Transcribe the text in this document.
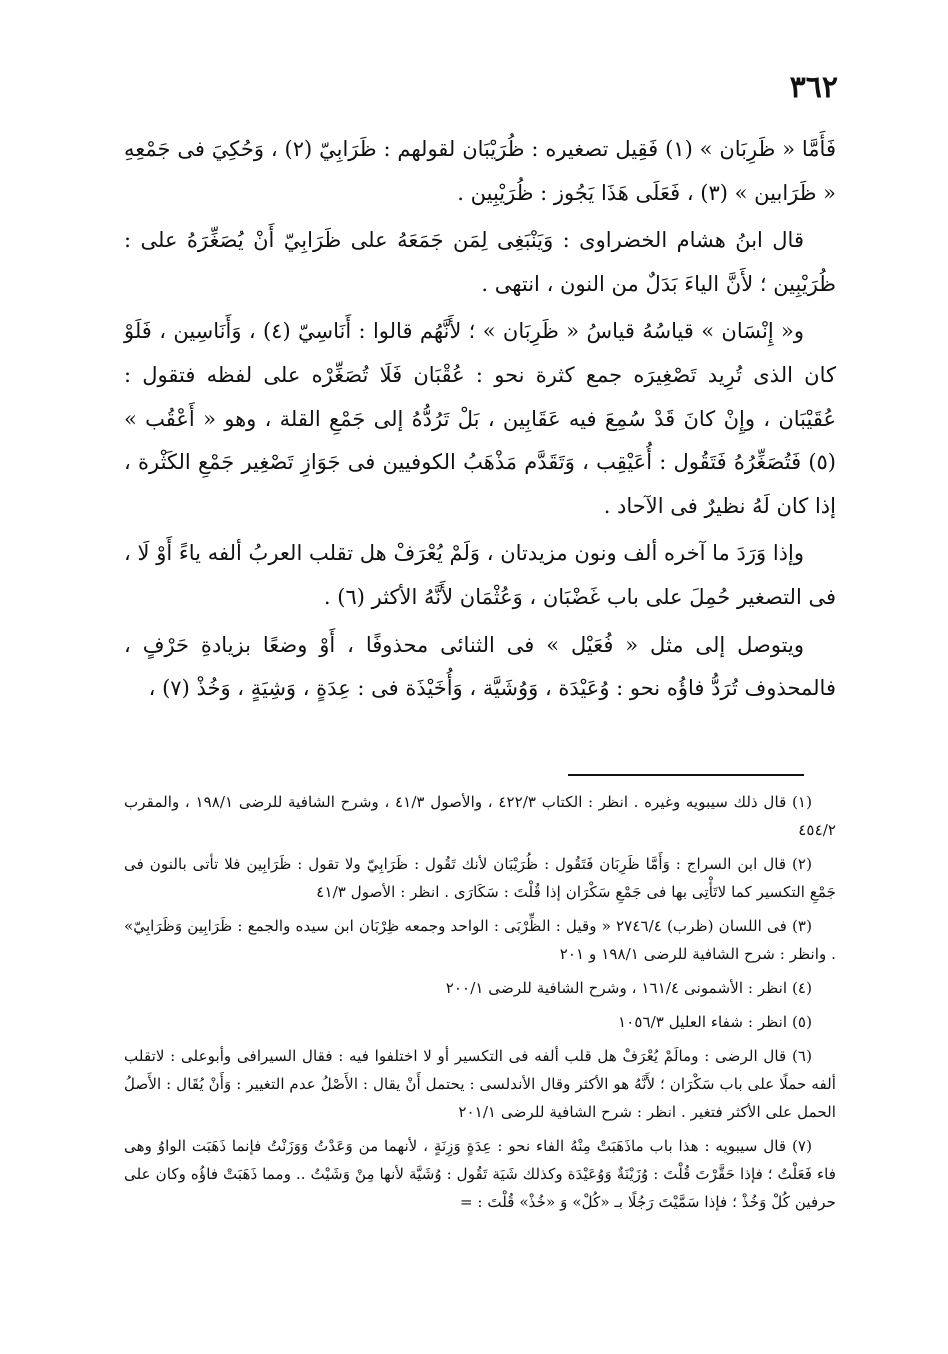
٣٦٢

فَأَمَّا « ظَرِبَان » (١) فَقِيل تصغيره : ظُرَيْبَان لقولهم : ظَرَابِيّ (٢) ، وَحُكِيَ فى جَمْعِهِ « ظَرَابين » (٣) ، فَعَلَى هَذَا يَجُوز : ظُرَيْبِين .

قال ابنُ هشام الخضراوى : وَيَنْبَغِى لِمَن جَمَعَهُ على ظَرَابِيّ أَنْ يُصَغِّرَهُ على : ظُرَيْبِين ؛ لأَنَّ الياءَ بَدَلٌ من النون ، انتهى .

و« إِنْسَان » قياسُهُ قياسُ « ظَرِبَان » ؛ لأَنَّهُم قالوا : أَنَاسِيّ (٤) ، وَأَنَاسِين ، فَلَوْ كان الذى تُرِيد تَصْغِيرَه جمع كثرة نحو : عُقْبَان فَلَا تُصَغِّرْه على لفظه فتقول : عُقَيْبَان ، وإِنْ كانَ قَدْ سُمِعَ فيه عَقَابِين ، بَلْ تَرُدُّهُ إلى جَمْعِ القلة ، وهو « أَعْقُب » (٥) فَتُصَغِّرُهُ فَتَقُول : أُعَيْقِب ، وَتَقَدَّم مَذْهَبُ الكوفيين فى جَوَازِ تَصْغِير جَمْعِ الكَثْرة ، إذا كان لَهُ نظيرٌ فى الآحاد .

وإذا وَرَدَ ما آخره ألف ونون مزيدتان ، وَلَمْ يُعْرَفْ هل تقلب العربُ ألفه ياءً أَوْ لَا ، فى التصغير حُمِلَ على باب غَضْبَان ، وَعُثْمَان لأَنَّهُ الأكثر (٦) .

ويتوصل إلى مثل « فُعَيْل » فى الثنائى محذوفًا ، أَوْ وضعًا بزيادةِ حَرْفٍ ، فالمحذوف تُرَدُّ فاؤُه نحو : وُعَيْدَة ، وَوُشَيَّة ، وَأُخَيْذَة فى : عِدَةٍ ، وَشِيَةٍ ، وَخُذْ (٧) ،

(١) قال ذلك سيبويه وغيره . انظر : الكتاب ٤٢٢/٣ ، والأصول ٤١/٣ ، وشرح الشافية للرضى ١٩٨/١ ، والمقرب ٤٥٤/٢

(٢) قال ابن السراج : وَأَمَّا ظَرِبَان فَتَقُول : ظُرَيْبَان لأنك تَقُول : ظَرَابِيّ ولا تقول : ظَرَابِين فلا تأتى بالنون فى جَمْعِ التكسير كما لاتَأْتِى بها فى جَمْعِ سَكْرَان إذا قُلْتَ : سَكَارَى . انظر : الأصول ٤١/٣

(٣) فى اللسان (ظرب) ٢٧٤٦/٤ « وقيل : الظِّرْبَى : الواحد وجمعه ظِرْبَان ابن سيده والجمع : ظَرَابِين وَظَرَابِيّ» . وانظر : شرح الشافية للرضى ١٩٨/١ و ٢٠١

(٤) انظر : الأشمونى ١٦١/٤ ، وشرح الشافية للرضى ٢٠٠/١

(٥) انظر : شفاء العليل ١٠٥٦/٣

(٦) قال الرضى : ومالَمْ يُعْرَفْ هل قلب ألفه فى التكسير أو لا اختلفوا فيه : فقال السيرافى وأبوعلى : لاتقلب ألفه حملًا على باب سَكْرَان ؛ لأَنَّهُ هو الأكثر وقال الأندلسى : يحتمل أَنْ يقال : الأَصْلُ عدم التغيير : وَأَنْ يُقَال : الأَصلُ الحمل على الأكثر فتغير . انظر : شرح الشافية للرضى ٢٠١/١

(٧) قال سيبويه : هذا باب ماذَهَبَتْ مِنْهُ الفاء نحو : عِدَةٍ وَزِنَةٍ ، لأنهما من وَعَدْتُ وَوَزَنْتُ فإنما ذَهَبَت الواوُ وهى فاء فَعَلْتُ ؛ فإذا حَقَّرْتَ قُلْتَ : وُزَيْنَةٌ وَوُعَيْدَة وكذلك شَيَة تَقُول : وُشَيَّة لأنها مِنْ وَشَيْتُ .. ومما ذَهَبَتْ فاؤُه وكان على حرفين كُلْ وَخُذْ ؛ فإذا سَمَّيْتَ رَجُلًا بـ «كُلْ» وَ «خُذْ» قُلْتَ : =
